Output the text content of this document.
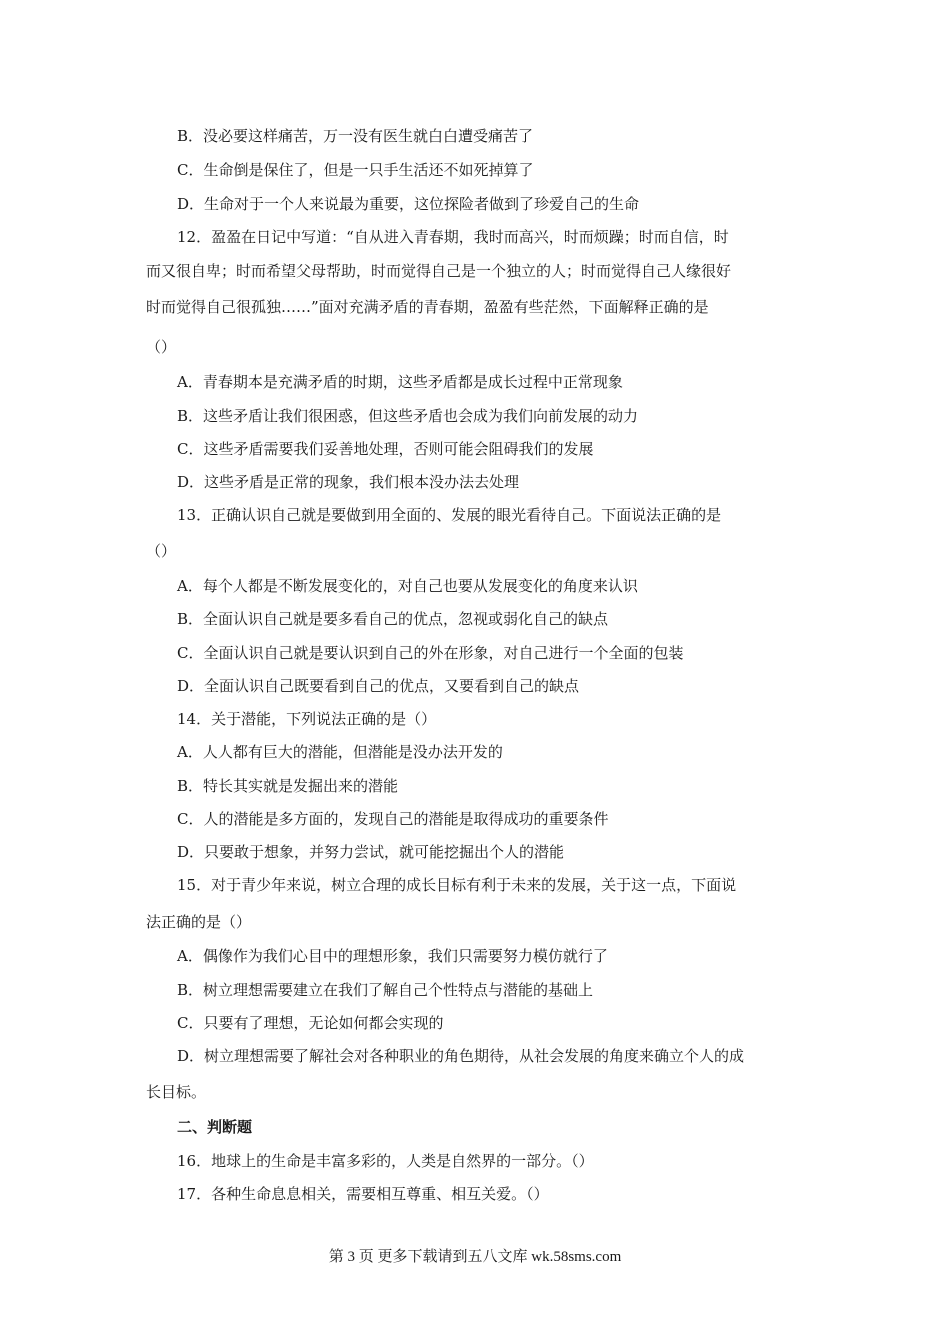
B．没必要这样痛苦，万一没有医生就白白遭受痛苦了
C．生命倒是保住了，但是一只手生活还不如死掉算了
D．生命对于一个人来说最为重要，这位探险者做到了珍爱自己的生命
12．盈盈在日记中写道：“自从进入青春期，我时而高兴，时而烦躁；时而自信，时
而又很自卑；时而希望父母帮助，时而觉得自己是一个独立的人；时而觉得自己人缘很好
时而觉得自己很孤独……”面对充满矛盾的青春期，盈盈有些茫然，下面解释正确的是
（）
A．青春期本是充满矛盾的时期，这些矛盾都是成长过程中正常现象
B．这些矛盾让我们很困惑，但这些矛盾也会成为我们向前发展的动力
C．这些矛盾需要我们妥善地处理，否则可能会阻碍我们的发展
D．这些矛盾是正常的现象，我们根本没办法去处理
13．正确认识自己就是要做到用全面的、发展的眼光看待自己。下面说法正确的是
（）
A．每个人都是不断发展变化的，对自己也要从发展变化的角度来认识
B．全面认识自己就是要多看自己的优点，忽视或弱化自己的缺点
C．全面认识自己就是要认识到自己的外在形象，对自己进行一个全面的包装
D．全面认识自己既要看到自己的优点，又要看到自己的缺点
14．关于潜能，下列说法正确的是（）
A．人人都有巨大的潜能，但潜能是没办法开发的
B．特长其实就是发掘出来的潜能
C．人的潜能是多方面的，发现自己的潜能是取得成功的重要条件
D．只要敢于想象，并努力尝试，就可能挖掘出个人的潜能
15．对于青少年来说，树立合理的成长目标有利于未来的发展，关于这一点，下面说
法正确的是（）
A．偶像作为我们心目中的理想形象，我们只需要努力模仿就行了
B．树立理想需要建立在我们了解自己个性特点与潜能的基础上
C．只要有了理想，无论如何都会实现的
D．树立理想需要了解社会对各种职业的角色期待，从社会发展的角度来确立个人的成
长目标。
二、判断题
16．地球上的生命是丰富多彩的，人类是自然界的一部分。（）
17．各种生命息息相关，需要相互尊重、相互关爱。（）
第 3 页 更多下载请到五八文库 wk.58sms.com
